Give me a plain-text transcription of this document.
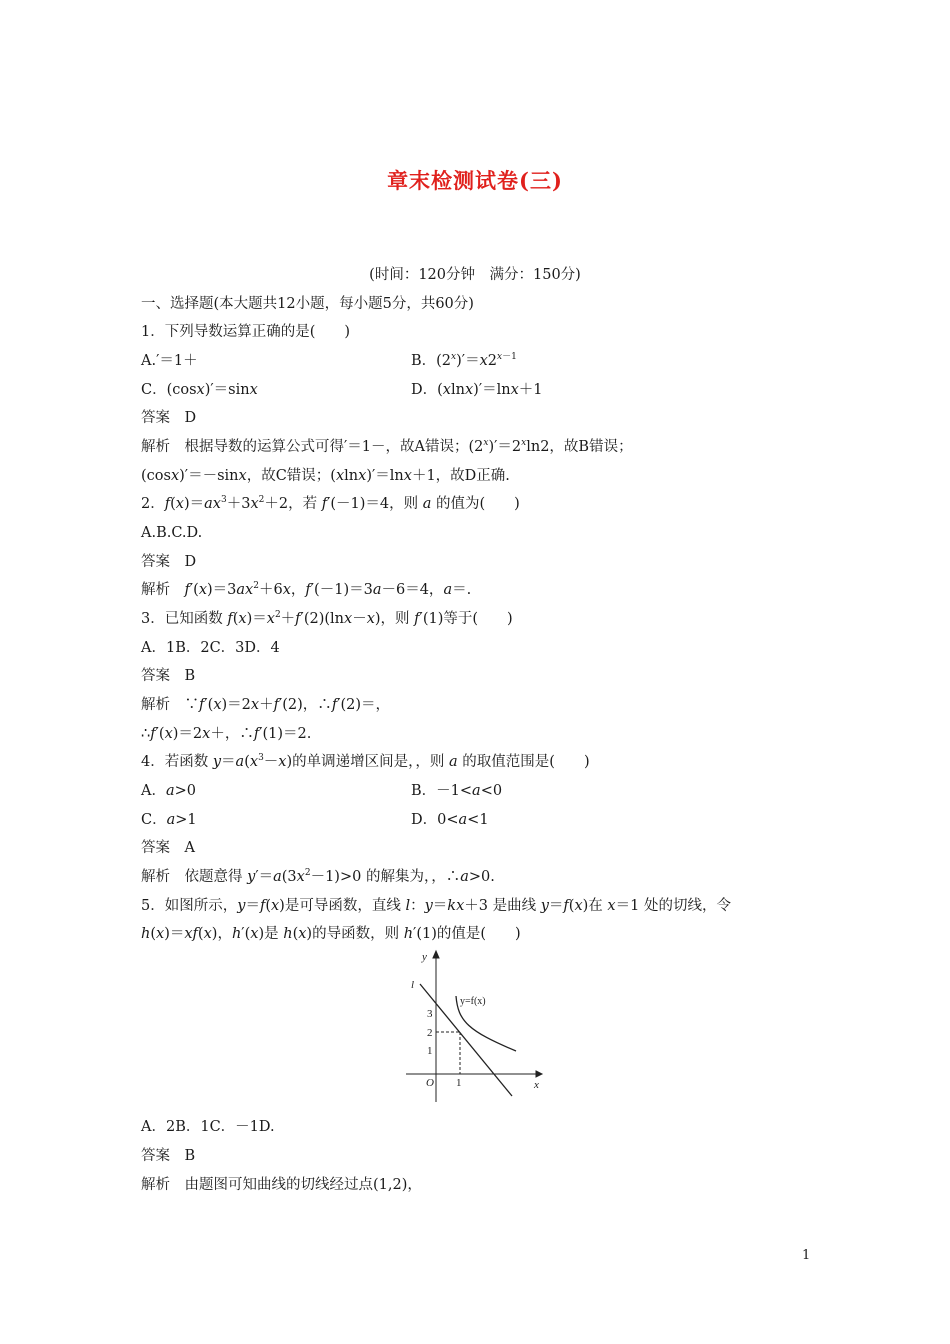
章末检测试卷(三)
(时间：120分钟　满分：150分)
一、选择题(本大题共12小题，每小题5分，共60分)
1．下列导数运算正确的是(　　)
A.′＝1＋	B．$(2^x)'=x2^{x-1}$
C．(cosx)′＝sinx	D．(xlnx)′＝lnx＋1
答案　D
解析　根据导数的运算公式可得′＝1－，故A错误；$(2^x)'=2^x\ln 2$，故B错误；
(cosx)′＝－sinx，故C错误；(xlnx)′＝lnx＋1，故D正确.
2．$f(x)=ax^3+3x^2+2$，若 f′(－1)＝4，则 a 的值为(　　)
A.B.C.D.
答案　D
解析　$f'(x)=3ax^2+6x$，f′(－1)＝3a－6＝4，a＝.
3．已知函数 $f(x)=x^2+f'(2)(\ln x-x)$，则 f′(1)等于(　　)
A．1B．2C．3D．4
答案　B
解析　∵f′(x)＝2x＋f′(2)，∴f′(2)＝，
∴f′(x)＝2x＋，∴f′(1)＝2.
4．若函数 $y=a(x^3-x)$的单调递增区间是，，则 a 的取值范围是(　　)
A．a>0	B．－1<a<0
C．a>1	D．0<a<1
答案　A
解析　依题意得 $y'=a(3x^2-1)>0$ 的解集为，，∴a>0.
5．如图所示，y＝f(x)是可导函数，直线 l：y＝kx＋3 是曲线 y＝f(x)在 x＝1 处的切线，令
h(x)＝xf(x)，h′(x)是 h(x)的导函数，则 h′(1)的值是(　　)
y
l
y=f(x)
3
2
1
O 1	x
A．2B．1C．－1D.
答案　B
解析　由题图可知曲线的切线经过点(1,2)，
1
